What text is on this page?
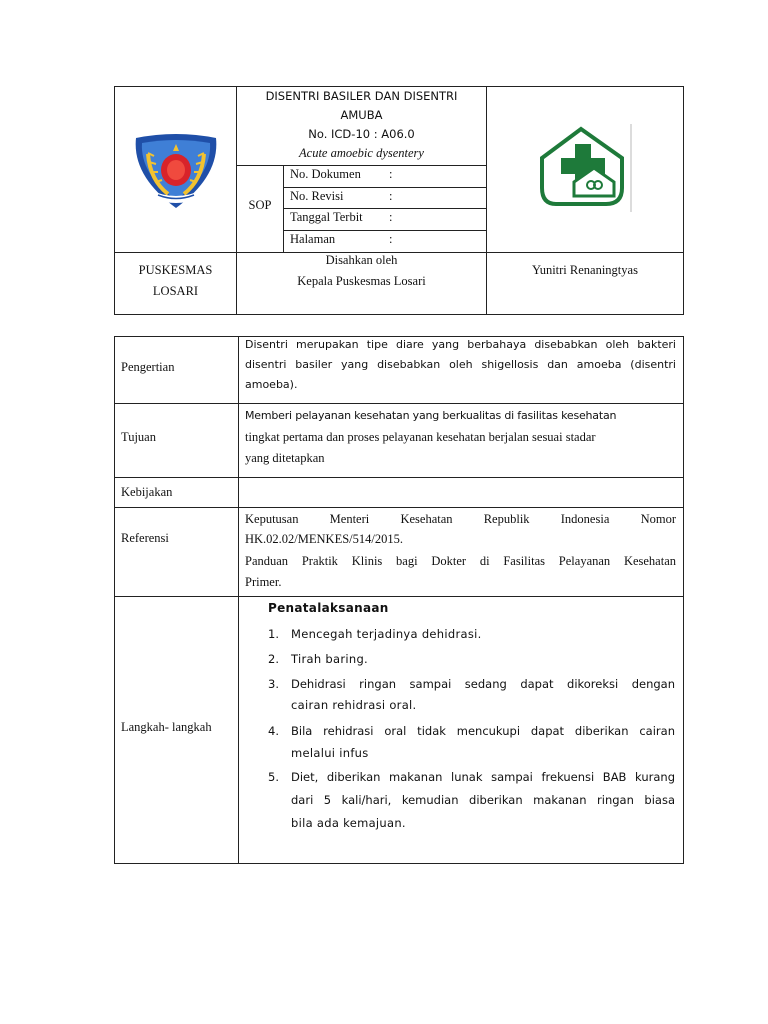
DISENTRI BASILER DAN DISENTRI
AMUBA
No. ICD-10 : A06.0
Acute amoebic dysentery
SOP
No. Dokumen :
No. Revisi	:
Tanggal Terbit :
Halaman	:
PUSKESMAS
LOSARI
Disahkan oleh
Kepala Puskesmas Losari
Yunitri Renaningtyas
Pengertian
Disentri merupakan tipe diare yang berbahaya disebabkan oleh bakteri
disentri basiler yang disebabkan oleh shigellosis dan amoeba (disentri
amoeba).
Tujuan
Memberi pelayanan kesehatan yang berkualitas di fasilitas kesehatan
tingkat pertama dan proses pelayanan kesehatan berjalan sesuai stadar
yang ditetapkan
Kebijakan
Referensi
Keputusan Menteri Kesehatan Republik Indonesia Nomor
HK.02.02/MENKES/514/2015.
Panduan Praktik Klinis bagi Dokter di Fasilitas Pelayanan Kesehatan
Primer.
Langkah- langkah
Penatalaksanaan
1. Mencegah terjadinya dehidrasi.
2. Tirah baring.
3. Dehidrasi ringan sampai sedang dapat dikoreksi dengan
cairan rehidrasi oral.
4. Bila rehidrasi oral tidak mencukupi dapat diberikan cairan
melalui infus
5. Diet, diberikan makanan lunak sampai frekuensi BAB kurang
dari 5 kali/hari, kemudian diberikan makanan ringan biasa
bila ada kemajuan.
